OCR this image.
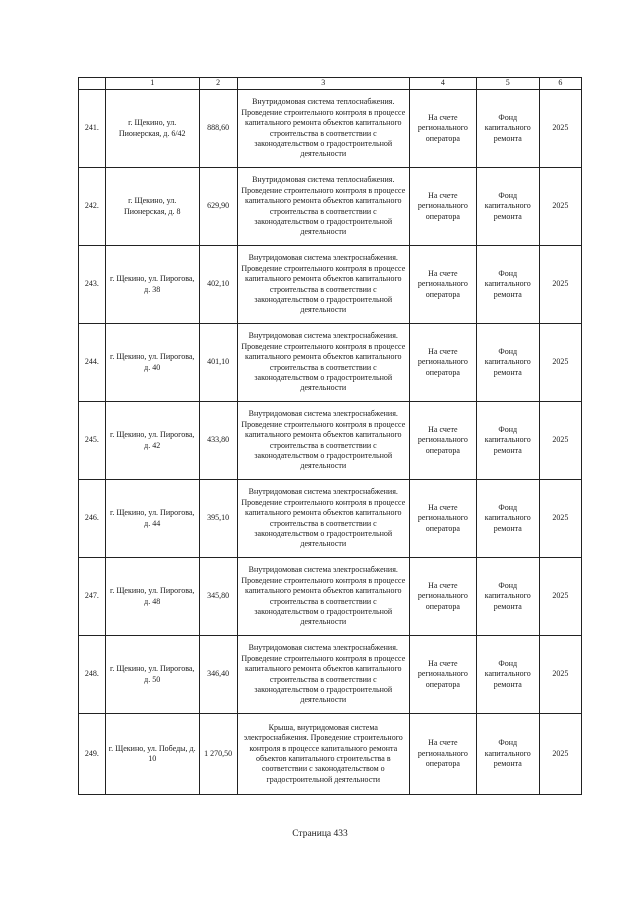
	1	2	3	4	5	6
241.	г. Щекино, ул. Пионерская, д. 6/42	888,60	Внутридомовая система теплоснабжения. Проведение строительного контроля в процессе капитального ремонта объектов капитального строительства в соответствии с законодательством о градостроительной деятельности	На счете регионального оператора	Фонд капитального ремонта	2025
242.	г. Щекино, ул. Пионерская, д. 8	629,90	Внутридомовая система теплоснабжения. Проведение строительного контроля в процессе капитального ремонта объектов капитального строительства в соответствии с законодательством о градостроительной деятельности	На счете регионального оператора	Фонд капитального ремонта	2025
243.	г. Щекино, ул. Пирогова, д. 38	402,10	Внутридомовая система электроснабжения. Проведение строительного контроля в процессе капитального ремонта объектов капитального строительства в соответствии с законодательством о градостроительной деятельности	На счете регионального оператора	Фонд капитального ремонта	2025
244.	г. Щекино, ул. Пирогова, д. 40	401,10	Внутридомовая система электроснабжения. Проведение строительного контроля в процессе капитального ремонта объектов капитального строительства в соответствии с законодательством о градостроительной деятельности	На счете регионального оператора	Фонд капитального ремонта	2025
245.	г. Щекино, ул. Пирогова, д. 42	433,80	Внутридомовая система электроснабжения. Проведение строительного контроля в процессе капитального ремонта объектов капитального строительства в соответствии с законодательством о градостроительной деятельности	На счете регионального оператора	Фонд капитального ремонта	2025
246.	г. Щекино, ул. Пирогова, д. 44	395,10	Внутридомовая система электроснабжения. Проведение строительного контроля в процессе капитального ремонта объектов капитального строительства в соответствии с законодательством о градостроительной деятельности	На счете регионального оператора	Фонд капитального ремонта	2025
247.	г. Щекино, ул. Пирогова, д. 48	345,80	Внутридомовая система электроснабжения. Проведение строительного контроля в процессе капитального ремонта объектов капитального строительства в соответствии с законодательством о градостроительной деятельности	На счете регионального оператора	Фонд капитального ремонта	2025
248.	г. Щекино, ул. Пирогова, д. 50	346,40	Внутридомовая система электроснабжения. Проведение строительного контроля в процессе капитального ремонта объектов капитального строительства в соответствии с законодательством о градостроительной деятельности	На счете регионального оператора	Фонд капитального ремонта	2025
249.	г. Щекино, ул. Победы, д. 10	1 270,50	Крыша, внутридомовая система электроснабжения. Проведение строительного контроля в процессе капитального ремонта объектов капитального строительства в соответствии с законодательством о градостроительной деятельности	На счете регионального оператора	Фонд капитального ремонта	2025
Страница 433
